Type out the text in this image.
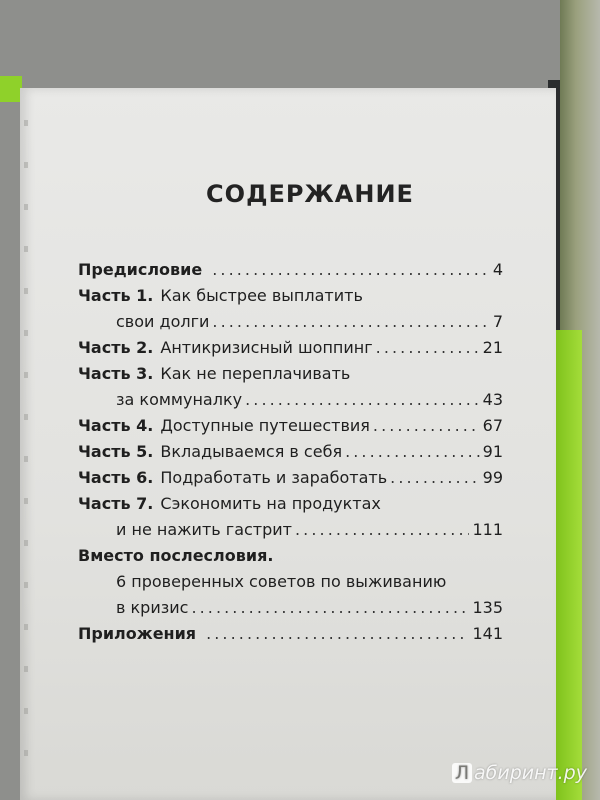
СОДЕРЖАНИЕ
Предисловие . . .	4
Часть 1. Как быстрее выплатить
свои долги . . .	7
Часть 2. Антикризисный шоппинг . . .	21
Часть 3. Как не переплачивать
за коммуналку . . .	43
Часть 4. Доступные путешествия . . .	67
Часть 5. Вкладываемся в себя . . .	91
Часть 6. Подработать и заработать . . .	99
Часть 7. Сэкономить на продуктах
и не нажить гастрит . . .	111
Вместо послесловия.
6 проверенных советов по выживанию
в кризис . . .	135
Приложения . . .	141
Л абиринт.ру
